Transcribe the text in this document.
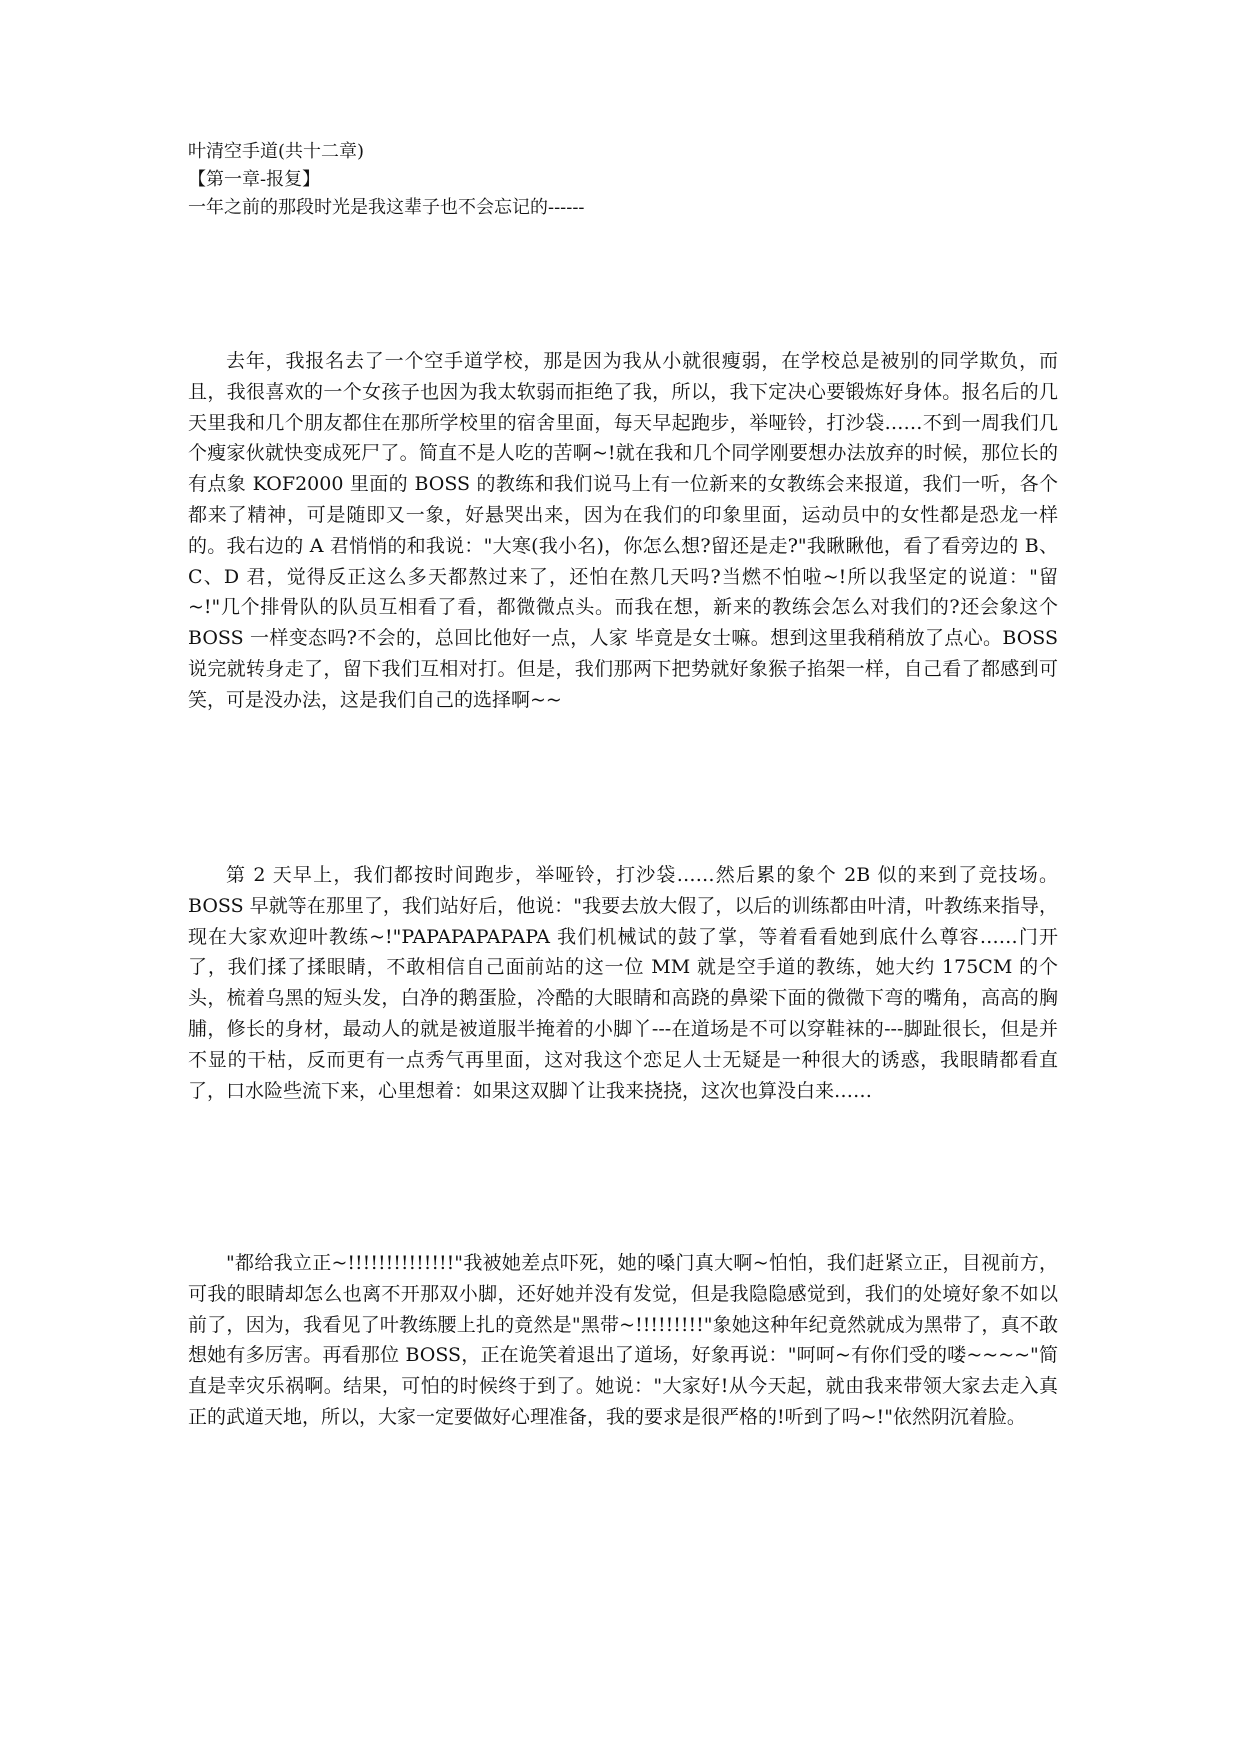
叶清空手道(共十二章)
【第一章-报复】
一年之前的那段时光是我这辈子也不会忘记的------

去年，我报名去了一个空手道学校，那是因为我从小就很瘦弱，在学校总是被别的同学欺负，而且，我很喜欢的一个女孩子也因为我太软弱而拒绝了我，所以，我下定决心要锻炼好身体。报名后的几天里我和几个朋友都住在那所学校里的宿舍里面，每天早起跑步，举哑铃，打沙袋……不到一周我们几个瘦家伙就快变成死尸了。简直不是人吃的苦啊~!就在我和几个同学刚要想办法放弃的时候，那位长的有点象 KOF2000 里面的 BOSS 的教练和我们说马上有一位新来的女教练会来报道，我们一听，各个都来了精神，可是随即又一象，好悬哭出来，因为在我们的印象里面，运动员中的女性都是恐龙一样的。我右边的 A 君悄悄的和我说："大寒(我小名)，你怎么想?留还是走?"我瞅瞅他，看了看旁边的 B、C、D 君，觉得反正这么多天都熬过来了，还怕在熬几天吗?当燃不怕啦~!所以我坚定的说道："留~!"几个排骨队的队员互相看了看，都微微点头。而我在想，新来的教练会怎么对我们的?还会象这个 BOSS 一样变态吗?不会的，总回比他好一点，人家 毕竟是女士嘛。想到这里我稍稍放了点心。BOSS 说完就转身走了，留下我们互相对打。但是，我们那两下把势就好象猴子掐架一样，自己看了都感到可笑，可是没办法，这是我们自己的选择啊~~

第 2 天早上，我们都按时间跑步，举哑铃，打沙袋……然后累的象个 2B 似的来到了竞技场。BOSS 早就等在那里了，我们站好后，他说："我要去放大假了，以后的训练都由叶清，叶教练来指导，现在大家欢迎叶教练~!"PAPAPAPAPAPA 我们机械试的鼓了掌，等着看看她到底什么尊容……门开了，我们揉了揉眼睛，不敢相信自己面前站的这一位 MM 就是空手道的教练，她大约 175CM 的个头，梳着乌黑的短头发，白净的鹅蛋脸，冷酷的大眼睛和高跷的鼻梁下面的微微下弯的嘴角，高高的胸脯，修长的身材，最动人的就是被道服半掩着的小脚丫---在道场是不可以穿鞋袜的---脚趾很长，但是并不显的干枯，反而更有一点秀气再里面，这对我这个恋足人士无疑是一种很大的诱惑，我眼睛都看直了，口水险些流下来，心里想着：如果这双脚丫让我来挠挠，这次也算没白来……

"都给我立正~!!!!!!!!!!!!!!"我被她差点吓死，她的嗓门真大啊~怕怕，我们赶紧立正，目视前方，可我的眼睛却怎么也离不开那双小脚，还好她并没有发觉，但是我隐隐感觉到，我们的处境好象不如以前了，因为，我看见了叶教练腰上扎的竟然是"黑带~!!!!!!!!!"象她这种年纪竟然就成为黑带了，真不敢想她有多厉害。再看那位 BOSS，正在诡笑着退出了道场，好象再说："呵呵~有你们受的喽~~~~"简直是幸灾乐祸啊。结果，可怕的时候终于到了。她说："大家好!从今天起，就由我来带领大家去走入真正的武道天地，所以，大家一定要做好心理准备，我的要求是很严格的!听到了吗~!"依然阴沉着脸。
